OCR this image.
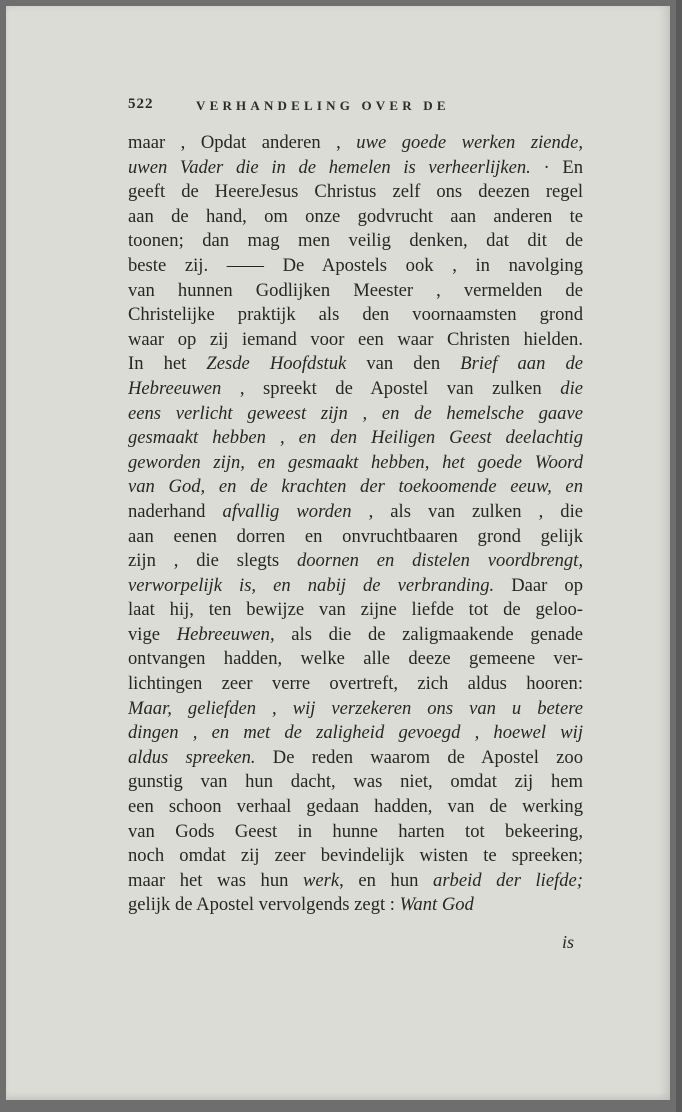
522	VERHANDELING OVER DE
maar , Opdat anderen , uwe goede werken ziende,
uwen Vader die in de hemelen is verheerlijken. · En
geeft de HeereJesus Christus zelf ons deezen regel
aan de hand, om onze godvrucht aan anderen te
toonen; dan mag men veilig denken, dat dit de
beste zij. —— De Apostels ook , in navolging
van hunnen Godlijken Meester , vermelden de
Christelijke praktijk als den voornaamsten grond
waar op zij iemand voor een waar Christen hielden.
In het Zesde Hoofdstuk van den Brief aan de
Hebreeuwen , spreekt de Apostel van zulken die
eens verlicht geweest zijn , en de hemelsche gaave
gesmaakt hebben , en den Heiligen Geest deelachtig
geworden zijn, en gesmaakt hebben, het goede Woord
van God, en de krachten der toekoomende eeuw, en
naderhand afvallig worden , als van zulken , die
aan eenen dorren en onvruchtbaaren grond gelijk
zijn , die slegts doornen en distelen voordbrengt,
verworpelijk is, en nabij de verbranding. Daar op
laat hij, ten bewijze van zijne liefde tot de geloo-
vige Hebreeuwen, als die de zaligmaakende genade
ontvangen hadden, welke alle deeze gemeene ver-
lichtingen zeer verre overtreft, zich aldus hooren:
Maar, geliefden , wij verzekeren ons van u betere
dingen , en met de zaligheid gevoegd , hoewel wij
aldus spreeken. De reden waarom de Apostel zoo
gunstig van hun dacht, was niet, omdat zij hem
een schoon verhaal gedaan hadden, van de werking
van Gods Geest in hunne harten tot bekeering,
noch omdat zij zeer bevindelijk wisten te spreeken;
maar het was hun werk, en hun arbeid der liefde;
gelijk de Apostel vervolgends zegt : Want God
is
